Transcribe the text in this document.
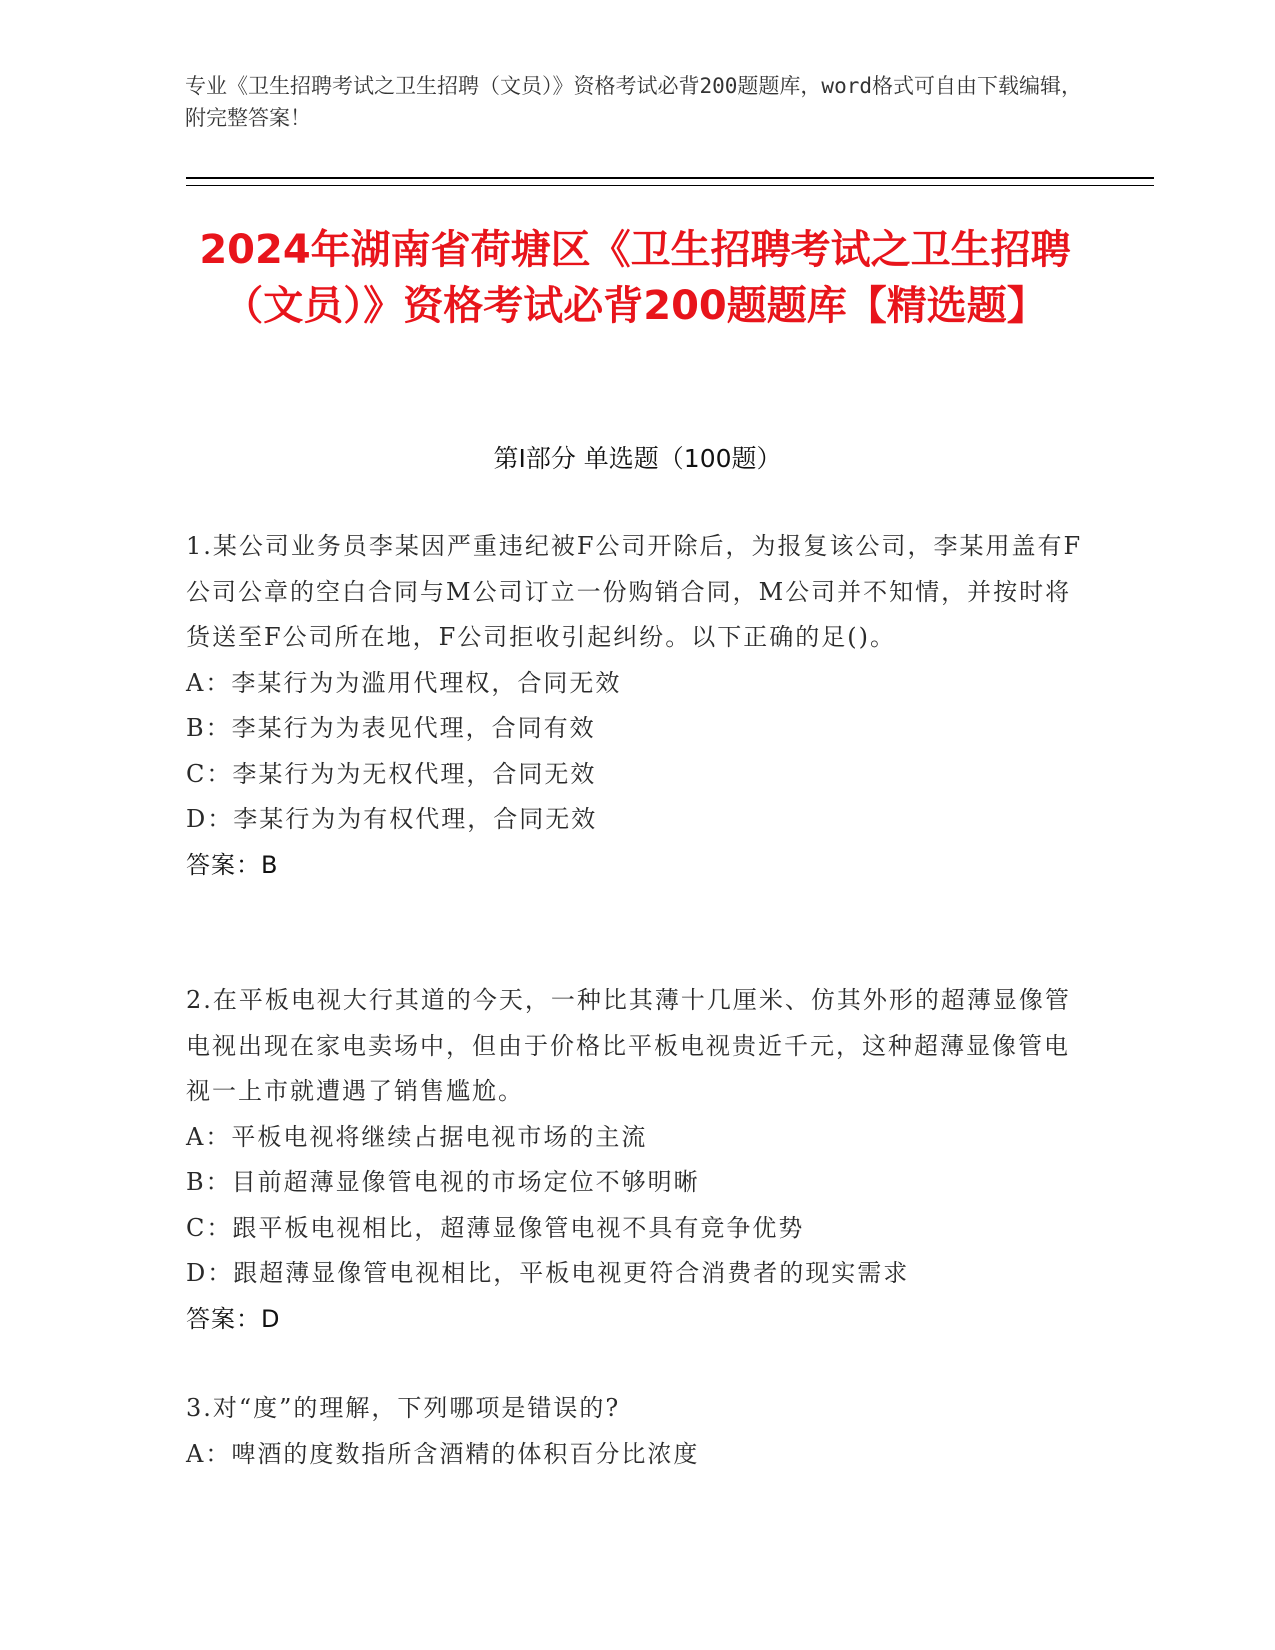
专业《卫生招聘考试之卫生招聘（文员）》资格考试必背200题题库，word格式可自由下载编辑，附完整答案！
2024年湖南省荷塘区《卫生招聘考试之卫生招聘（文员）》资格考试必背200题题库【精选题】
第I部分 单选题（100题）

1.某公司业务员李某因严重违纪被F公司开除后，为报复该公司，李某用盖有F公司公章的空白合同与M公司订立一份购销合同，M公司并不知情，并按时将货送至F公司所在地，F公司拒收引起纠纷。以下正确的足()。

A：李某行为为滥用代理权，合同无效

B：李某行为为表见代理，合同有效

C：李某行为为无权代理，合同无效

D：李某行为为有权代理，合同无效

答案：B

2.在平板电视大行其道的今天，一种比其薄十几厘米、仿其外形的超薄显像管电视出现在家电卖场中，但由于价格比平板电视贵近千元，这种超薄显像管电视一上市就遭遇了销售尴尬。

A：平板电视将继续占据电视市场的主流

B：目前超薄显像管电视的市场定位不够明晰

C：跟平板电视相比，超薄显像管电视不具有竞争优势

D：跟超薄显像管电视相比，平板电视更符合消费者的现实需求

答案：D

3.对“度”的理解，下列哪项是错误的?

A：啤酒的度数指所含酒精的体积百分比浓度
